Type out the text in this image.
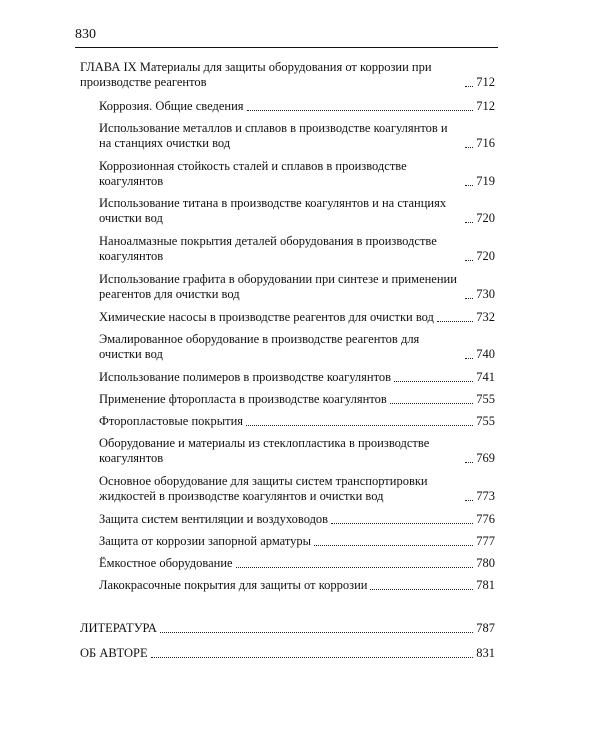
830
ГЛАВА IX Материалы для защиты оборудования от коррозии при производстве реагентов	712
Коррозия. Общие сведения	712
Использование металлов и сплавов в производстве коагулянтов и на станциях очистки вод	716
Коррозионная стойкость сталей и сплавов в производстве коагулянтов	719
Использование титана в производстве коагулянтов и на станциях очистки вод	720
Наноалмазные покрытия деталей оборудования в производстве коагулянтов	720
Использование графита в оборудовании при синтезе и применении реагентов для очистки вод	730
Химические насосы в производстве реагентов для очистки вод	732
Эмалированное оборудование в производстве реагентов для очистки вод	740
Использование полимеров в производстве коагулянтов	741
Применение фторопласта в производстве коагулянтов	755
Фторопластовые покрытия	755
Оборудование и материалы из стеклопластика в производстве коагулянтов	769
Основное оборудование для защиты систем транспортировки жидкостей в производстве коагулянтов и очистки вод	773
Защита систем вентиляции и воздуховодов	776
Защита от коррозии запорной арматуры	777
Ёмкостное оборудование	780
Лакокрасочные покрытия для защиты от коррозии	781
ЛИТЕРАТУРА	787
ОБ АВТОРЕ	831
